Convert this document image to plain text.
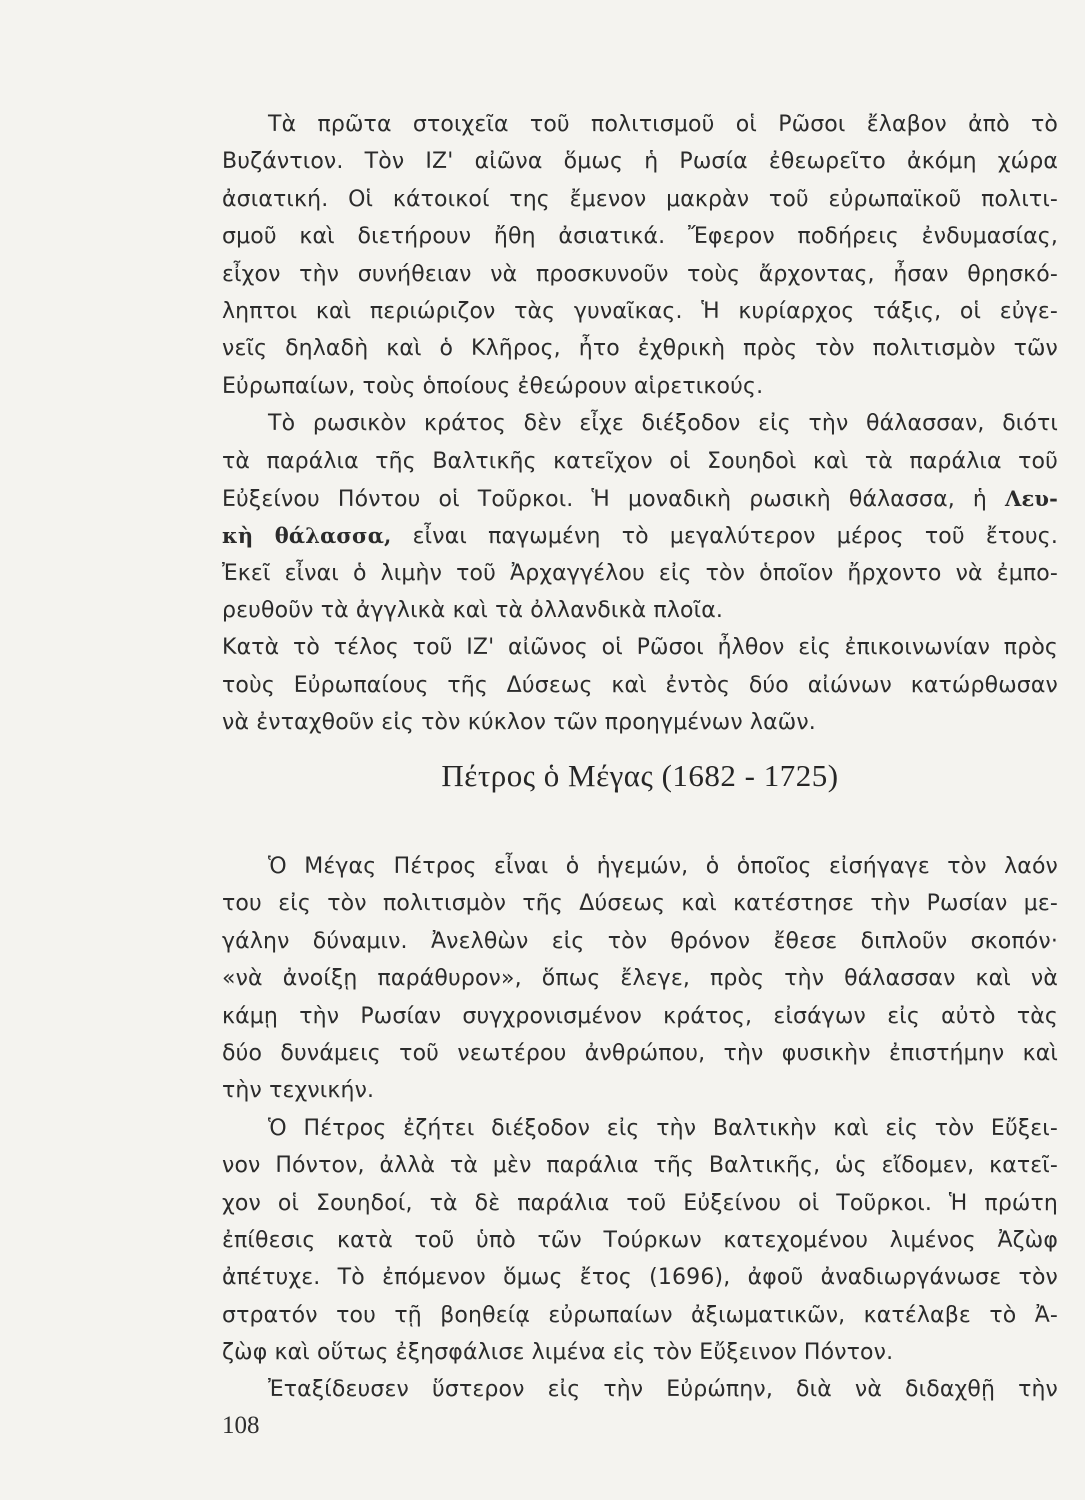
Τὰ πρῶτα στοιχεῖα τοῦ πολιτισμοῦ οἱ Ρῶσοι ἔλαβον ἀπὸ τὸ
Βυζάντιον. Τὸν ΙΖ' αἰῶνα ὅμως ἡ Ρωσία ἐθεωρεῖτο ἀκόμη χώρα
ἀσιατική. Οἱ κάτοικοί της ἔμενον μακρὰν τοῦ εὐρωπαϊκοῦ πολιτι-
σμοῦ καὶ διετήρουν ἤθη ἀσιατικά. Ἔφερον ποδήρεις ἐνδυμασίας,
εἶχον τὴν συνήθειαν νὰ προσκυνοῦν τοὺς ἄρχοντας, ἦσαν θρησκό-
ληπτοι καὶ περιώριζον τὰς γυναῖκας. Ἡ κυρίαρχος τάξις, οἱ εὐγε-
νεῖς δηλαδὴ καὶ ὁ Κλῆρος, ἦτο ἐχθρικὴ πρὸς τὸν πολιτισμὸν τῶν
Εὐρωπαίων, τοὺς ὁποίους ἐθεώρουν αἱρετικούς.
Τὸ ρωσικὸν κράτος δὲν εἶχε διέξοδον εἰς τὴν θάλασσαν, διότι
τὰ παράλια τῆς Βαλτικῆς κατεῖχον οἱ Σουηδοὶ καὶ τὰ παράλια τοῦ
Εὐξείνου Πόντου οἱ Τοῦρκοι. Ἡ μοναδικὴ ρωσικὴ θάλασσα, ἡ Λευ-
κὴ θάλασσα, εἶναι παγωμένη τὸ μεγαλύτερον μέρος τοῦ ἔτους.
Ἐκεῖ εἶναι ὁ λιμὴν τοῦ Ἀρχαγγέλου εἰς τὸν ὁποῖον ἤρχοντο νὰ ἐμπο-
ρευθοῦν τὰ ἀγγλικὰ καὶ τὰ ὀλλανδικὰ πλοῖα.
Κατὰ τὸ τέλος τοῦ ΙΖ' αἰῶνος οἱ Ρῶσοι ἦλθον εἰς ἐπικοινωνίαν πρὸς
τοὺς Εὐρωπαίους τῆς Δύσεως καὶ ἐντὸς δύο αἰώνων κατώρθωσαν
νὰ ἐνταχθοῦν εἰς τὸν κύκλον τῶν προηγμένων λαῶν.
Πέτρος ὁ Μέγας (1682 - 1725)
Ὁ Μέγας Πέτρος εἶναι ὁ ἡγεμών, ὁ ὁποῖος εἰσήγαγε τὸν λαόν
του εἰς τὸν πολιτισμὸν τῆς Δύσεως καὶ κατέστησε τὴν Ρωσίαν με-
γάλην δύναμιν. Ἀνελθὼν εἰς τὸν θρόνον ἔθεσε διπλοῦν σκοπόν·
«νὰ ἀνοίξῃ παράθυρον», ὅπως ἔλεγε, πρὸς τὴν θάλασσαν καὶ νὰ
κάμῃ τὴν Ρωσίαν συγχρονισμένον κράτος, εἰσάγων εἰς αὐτὸ τὰς
δύο δυνάμεις τοῦ νεωτέρου ἀνθρώπου, τὴν φυσικὴν ἐπιστήμην καὶ
τὴν τεχνικήν.
Ὁ Πέτρος ἐζήτει διέξοδον εἰς τὴν Βαλτικὴν καὶ εἰς τὸν Εὔξει-
νον Πόντον, ἀλλὰ τὰ μὲν παράλια τῆς Βαλτικῆς, ὡς εἴδομεν, κατεῖ-
χον οἱ Σουηδοί, τὰ δὲ παράλια τοῦ Εὐξείνου οἱ Τοῦρκοι. Ἡ πρώτη
ἐπίθεσις κατὰ τοῦ ὑπὸ τῶν Τούρκων κατεχομένου λιμένος Ἀζὼφ
ἀπέτυχε. Τὸ ἐπόμενον ὅμως ἔτος (1696), ἀφοῦ ἀναδιωργάνωσε τὸν
στρατόν του τῇ βοηθείᾳ εὐρωπαίων ἀξιωματικῶν, κατέλαβε τὸ Ἀ-
ζὼφ καὶ οὕτως ἐξησφάλισε λιμένα εἰς τὸν Εὔξεινον Πόντον.
Ἐταξίδευσεν ὕστερον εἰς τὴν Εὐρώπην, διὰ νὰ διδαχθῇ τὴν
108
